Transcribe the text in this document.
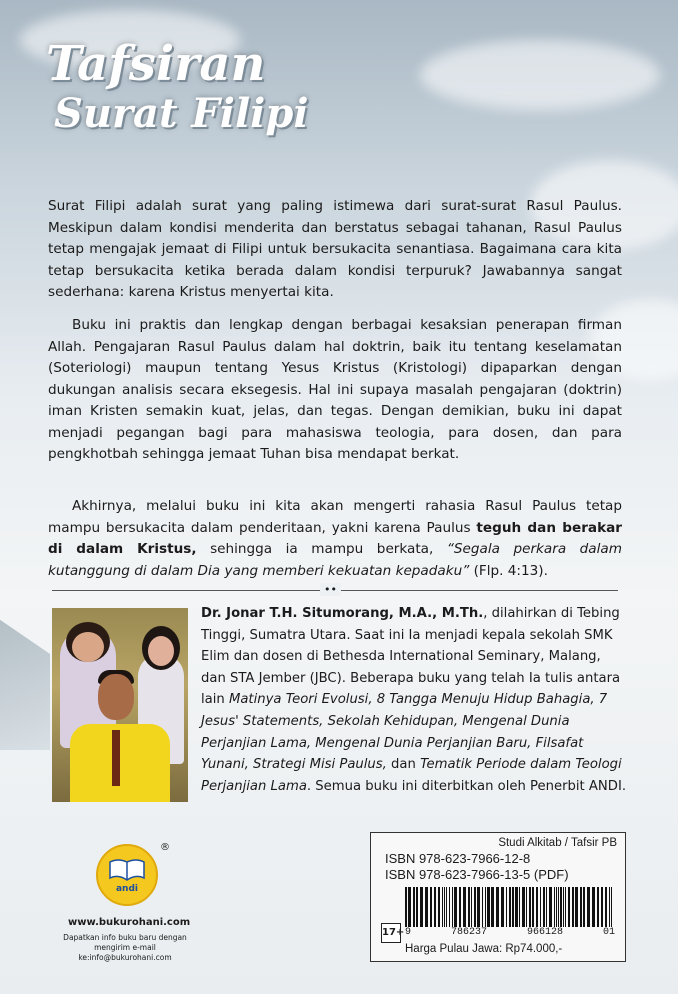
Tafsiran
Surat Filipi
Surat Filipi adalah surat yang paling istimewa dari surat-surat Rasul Paulus. Meskipun dalam kondisi menderita dan berstatus sebagai tahanan, Rasul Paulus tetap mengajak jemaat di Filipi untuk bersukacita senantiasa. Bagaimana cara kita tetap bersukacita ketika berada dalam kondisi terpuruk? Jawabannya sangat sederhana: karena Kristus menyertai kita.
Buku ini praktis dan lengkap dengan berbagai kesaksian penerapan firman Allah. Pengajaran Rasul Paulus dalam hal doktrin, baik itu tentang keselamatan (Soteriologi) maupun tentang Yesus Kristus (Kristologi) dipaparkan dengan dukungan analisis secara eksegesis. Hal ini supaya masalah pengajaran (doktrin) iman Kristen semakin kuat, jelas, dan tegas. Dengan demikian, buku ini dapat menjadi pegangan bagi para mahasiswa teologia, para dosen, dan para pengkhotbah sehingga jemaat Tuhan bisa mendapat berkat.
Akhirnya, melalui buku ini kita akan mengerti rahasia Rasul Paulus tetap mampu bersukacita dalam penderitaan, yakni karena Paulus teguh dan berakar di dalam Kristus, sehingga ia mampu berkata, “Segala perkara dalam kutanggung di dalam Dia yang memberi kekuatan kepadaku” (Flp. 4:13).
••
Dr. Jonar T.H. Situmorang, M.A., M.Th., dilahirkan di Tebing Tinggi, Sumatra Utara. Saat ini Ia menjadi kepala sekolah SMK Elim dan dosen di Bethesda International Seminary, Malang, dan STA Jember (JBC). Beberapa buku yang telah Ia tulis antara lain Matinya Teori Evolusi, 8 Tangga Menuju Hidup Bahagia, 7 Jesus' Statements, Sekolah Kehidupan, Mengenal Dunia Perjanjian Lama, Mengenal Dunia Perjanjian Baru, Filsafat Yunani, Strategi Misi Paulus, dan Tematik Periode dalam Teologi Perjanjian Lama. Semua buku ini diterbitkan oleh Penerbit ANDI.
andi
®
www.bukurohani.com
Dapatkan info buku baru dengan mengirim e-mail ke:info@bukurohani.com
Studi Alkitab / Tafsir PB
ISBN 978-623-7966-12-8
ISBN 978-623-7966-13-5 (PDF)
9	786237	966128	01
17+
Harga Pulau Jawa: Rp74.000,-
